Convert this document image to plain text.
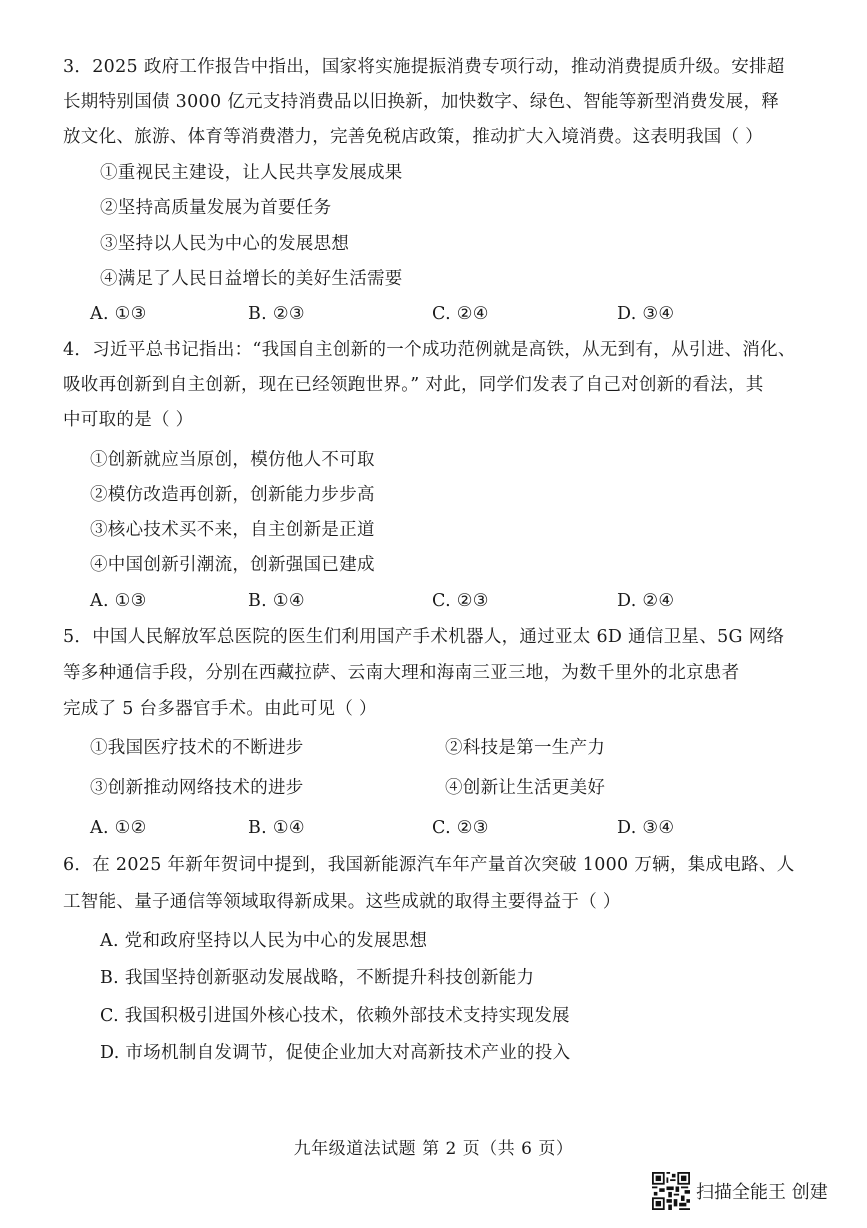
3．2025 政府工作报告中指出，国家将实施提振消费专项行动，推动消费提质升级。安排超

长期特别国债 3000 亿元支持消费品以旧换新，加快数字、绿色、智能等新型消费发展，释

放文化、旅游、体育等消费潜力，完善免税店政策，推动扩大入境消费。这表明我国（ ）

①重视民主建设，让人民共享发展成果
②坚持高质量发展为首要任务
③坚持以人民为中心的发展思想
④满足了人民日益增长的美好生活需要
A. ①③	B. ②③	C. ②④	D. ③④

4．习近平总书记指出：“我国自主创新的一个成功范例就是高铁，从无到有，从引进、消化、

吸收再创新到自主创新，现在已经领跑世界。” 对此，同学们发表了自己对创新的看法，其

中可取的是（ ）

①创新就应当原创，模仿他人不可取
②模仿改造再创新，创新能力步步高
③核心技术买不来，自主创新是正道
④中国创新引潮流，创新强国已建成
A. ①③	B. ①④	C. ②③	D. ②④

5．中国人民解放军总医院的医生们利用国产手术机器人，通过亚太 6D 通信卫星、5G 网络

等多种通信手段，分别在西藏拉萨、云南大理和海南三亚三地，为数千里外的北京患者

完成了 5 台多器官手术。由此可见（ ）

①我国医疗技术的不断进步	②科技是第一生产力
③创新推动网络技术的进步	④创新让生活更美好
A. ①②	B. ①④	C. ②③	D. ③④

6．在 2025 年新年贺词中提到，我国新能源汽车年产量首次突破 1000 万辆，集成电路、人

工智能、量子通信等领域取得新成果。这些成就的取得主要得益于（ ）

A. 党和政府坚持以人民为中心的发展思想
B. 我国坚持创新驱动发展战略，不断提升科技创新能力
C. 我国积极引进国外核心技术，依赖外部技术支持实现发展
D. 市场机制自发调节，促使企业加大对高新技术产业的投入
九年级道法试题 第 2 页（共 6 页）
扫描全能王 创建
